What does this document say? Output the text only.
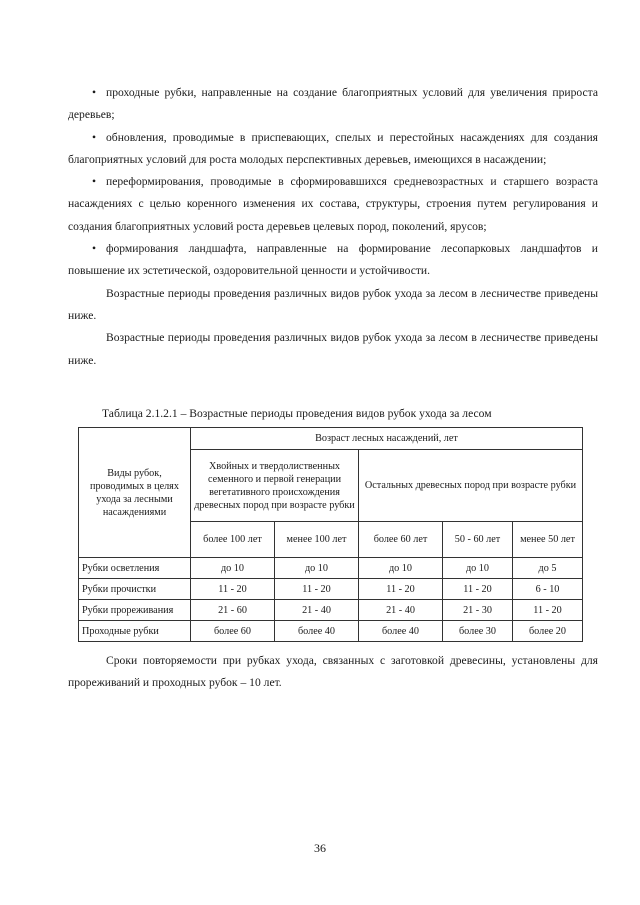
• проходные рубки, направленные на создание благоприятных условий для увеличения прироста деревьев;

• обновления, проводимые в приспевающих, спелых и перестойных насаждениях для создания благоприятных условий для роста молодых перспективных деревьев, имеющихся в насаждении;

• переформирования, проводимые в сформировавшихся средневозрастных и старшего возраста насаждениях с целью коренного изменения их состава, структуры, строения путем регулирования и создания благоприятных условий роста деревьев целевых пород, поколений, ярусов;

• формирования ландшафта, направленные на формирование лесопарковых ландшафтов и повышение их эстетической, оздоровительной ценности и устойчивости.

Возрастные периоды проведения различных видов рубок ухода за лесом в лесничестве приведены ниже.

Возрастные периоды проведения различных видов рубок ухода за лесом в лесничестве приведены ниже.

Таблица 2.1.2.1 – Возрастные периоды проведения видов рубок ухода за лесом
Виды рубок, проводимых в целях ухода за лесными насаждениями	Возраст лесных насаждений, лет				
	Хвойных и твердолиственных семенного и первой генерации вегетативного происхождения древесных пород при возрасте рубки		Остальных древесных пород при возрасте рубки		
	более 100 лет	менее 100 лет	более 60 лет	50 - 60 лет	менее 50 лет
Рубки осветления	до 10	до 10	до 10	до 10	до 5
Рубки прочистки	11 - 20	11 - 20	11 - 20	11 - 20	6 - 10
Рубки прореживания	21 - 60	21 - 40	21 - 40	21 - 30	11 - 20
Проходные рубки	более 60	более 40	более 40	более 30	более 20

Сроки повторяемости при рубках ухода, связанных с заготовкой древесины, установлены для прореживаний и проходных рубок – 10 лет.

36
